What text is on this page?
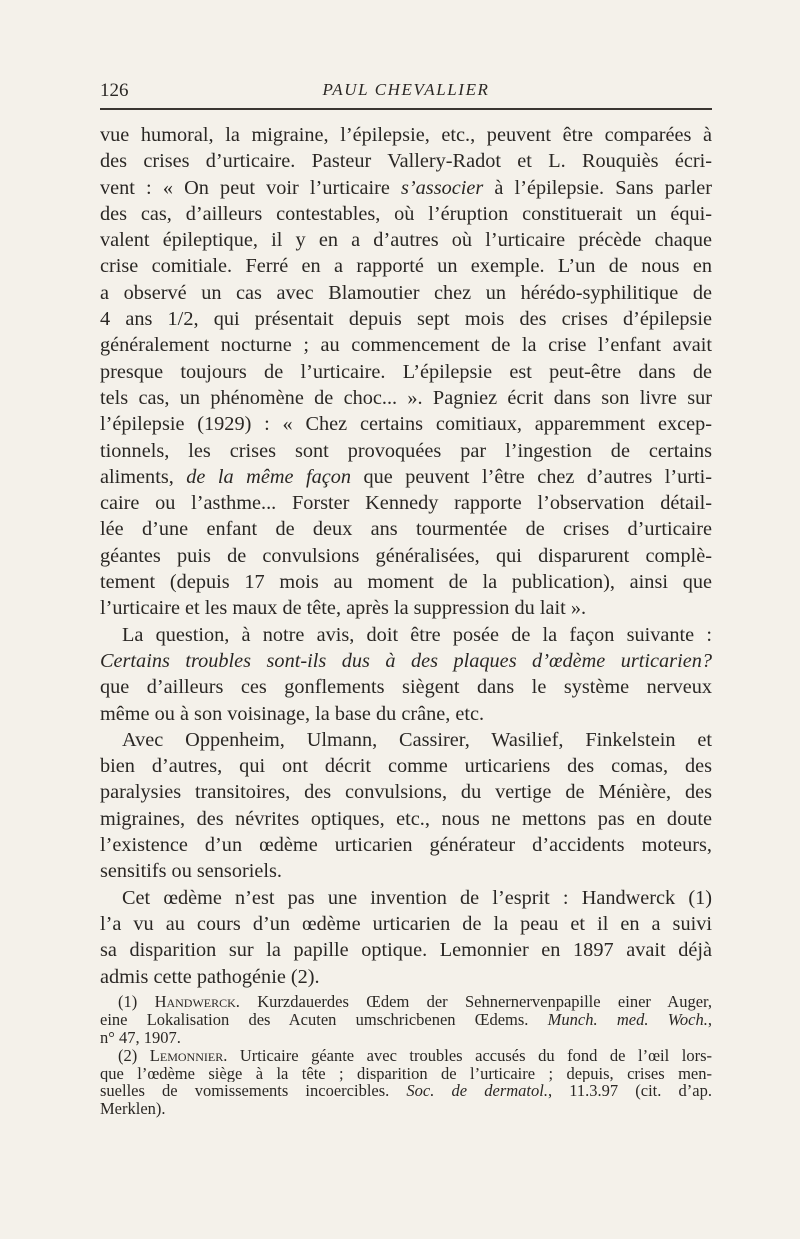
126	PAUL CHEVALLIER
vue humoral, la migraine, l’épilepsie, etc., peuvent être comparées à
des crises d’urticaire. Pasteur Vallery-Radot et L. Rouquiès écri-
vent : « On peut voir l’urticaire s’associer à l’épilepsie. Sans parler
des cas, d’ailleurs contestables, où l’éruption constituerait un équi-
valent épileptique, il y en a d’autres où l’urticaire précède chaque
crise comitiale. Ferré en a rapporté un exemple. L’un de nous en
a observé un cas avec Blamoutier chez un hérédo-syphilitique de
4 ans 1/2, qui présentait depuis sept mois des crises d’épilepsie
généralement nocturne ; au commencement de la crise l’enfant avait
presque toujours de l’urticaire. L’épilepsie est peut-être dans de
tels cas, un phénomène de choc... ». Pagniez écrit dans son livre sur
l’épilepsie (1929) : « Chez certains comitiaux, apparemment excep-
tionnels, les crises sont provoquées par l’ingestion de certains
aliments, de la même façon que peuvent l’être chez d’autres l’urti-
caire ou l’asthme... Forster Kennedy rapporte l’observation détail-
lée d’une enfant de deux ans tourmentée de crises d’urticaire
géantes puis de convulsions généralisées, qui disparurent complè-
tement (depuis 17 mois au moment de la publication), ainsi que
l’urticaire et les maux de tête, après la suppression du lait ».
La question, à notre avis, doit être posée de la façon suivante :
Certains troubles sont-ils dus à des plaques d’œdème urticarien?
que d’ailleurs ces gonflements siègent dans le système nerveux
même ou à son voisinage, la base du crâne, etc.
Avec Oppenheim, Ulmann, Cassirer, Wasilief, Finkelstein et
bien d’autres, qui ont décrit comme urticariens des comas, des
paralysies transitoires, des convulsions, du vertige de Ménière, des
migraines, des névrites optiques, etc., nous ne mettons pas en doute
l’existence d’un œdème urticarien générateur d’accidents moteurs,
sensitifs ou sensoriels.
Cet œdème n’est pas une invention de l’esprit : Handwerck (1)
l’a vu au cours d’un œdème urticarien de la peau et il en a suivi
sa disparition sur la papille optique. Lemonnier en 1897 avait déjà
admis cette pathogénie (2).
(1) Handwerck. Kurzdauerdes Œdem der Sehnernervenpapille einer Auger,
eine Lokalisation des Acuten umschricbenen Œdems. Munch. med. Woch.,
n° 47, 1907.
(2) Lemonnier. Urticaire géante avec troubles accusés du fond de l’œil lors-
que l’œdème siège à la tête ; disparition de l’urticaire ; depuis, crises men-
suelles de vomissements incoercibles. Soc. de dermatol., 11.3.97 (cit. d’ap.
Merklen).
